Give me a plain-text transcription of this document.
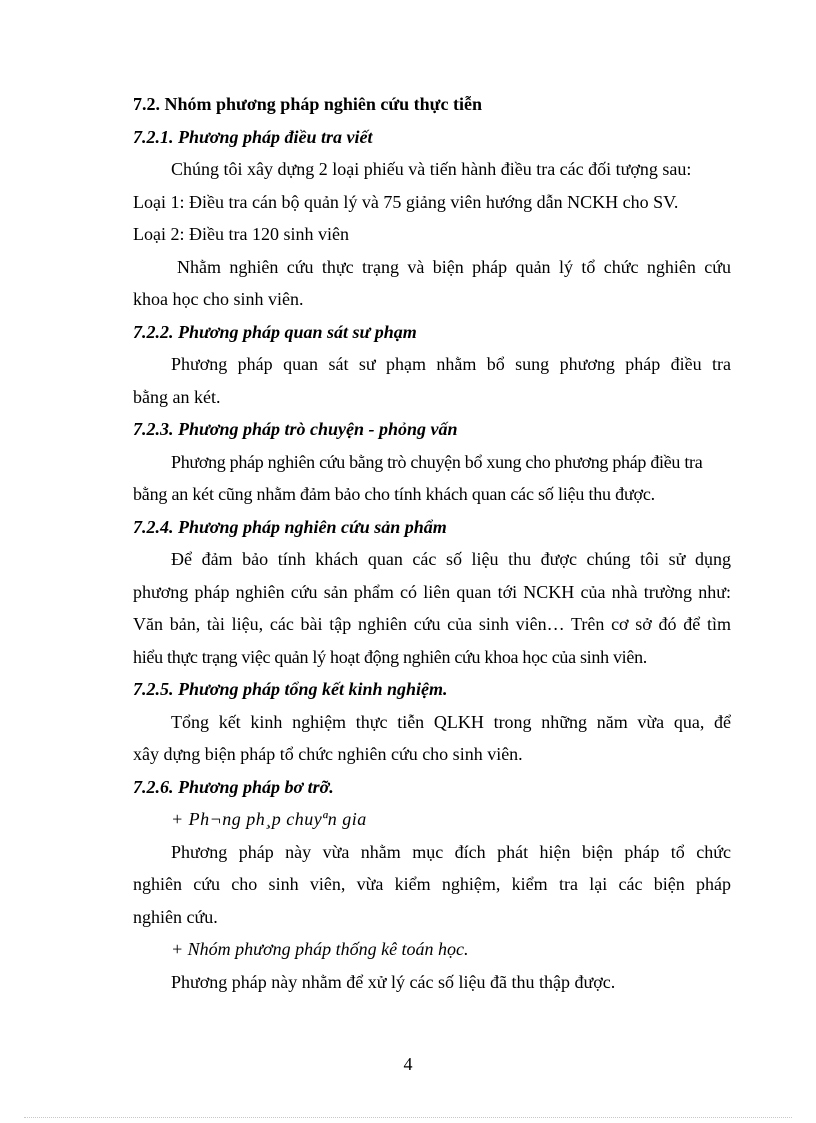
7.2. Nhóm phương pháp nghiên cứu thực tiễn
7.2.1. Phương pháp điều tra viết
Chúng tôi xây dựng 2 loại phiếu và tiến hành điều tra các đối tượng sau:
Loại 1: Điều tra cán bộ quản lý và 75 giảng viên hướng dẫn NCKH cho SV.
Loại 2: Điều tra 120 sinh viên
Nhằm nghiên cứu thực trạng và biện pháp quản lý tổ chức nghiên cứu
khoa học cho sinh viên.
7.2.2. Phương pháp quan sát sư phạm
Phương pháp quan sát sư phạm nhằm bổ sung phương pháp điều tra
bằng an két.
7.2.3. Phương pháp trò chuyện - phỏng vấn
Phương pháp nghiên cứu bằng trò chuyện bổ xung cho phương pháp điều tra
bằng an két cũng nhằm đảm bảo cho tính khách quan các số liệu thu được.
7.2.4. Phương pháp nghiên cứu sản phẩm
Để đảm bảo tính khách quan các số liệu thu được chúng tôi sử dụng
phương pháp nghiên cứu sản phẩm có liên quan tới NCKH của nhà trường như:
Văn bản, tài liệu, các bài tập nghiên cứu của sinh viên… Trên cơ sở đó để tìm
hiểu thực trạng việc quản lý hoạt động nghiên cứu khoa học của sinh viên.
7.2.5. Phương pháp tổng kết kinh nghiệm.
Tổng kết kinh nghiệm thực tiễn QLKH trong những năm vừa qua, để
xây dựng biện pháp tổ chức nghiên cứu cho sinh viên.
7.2.6. Phương pháp bơ trỡ.
+ Ph¬ng ph¸p chuyªn gia
Phương pháp này vừa nhằm mục đích phát hiện biện pháp tổ chức
nghiên cứu cho sinh viên, vừa kiểm nghiệm, kiểm tra lại các biện pháp
nghiên cứu.
+ Nhóm phương pháp thống kê toán học.
Phương pháp này nhằm để xử lý các số liệu đã thu thập được.
4
